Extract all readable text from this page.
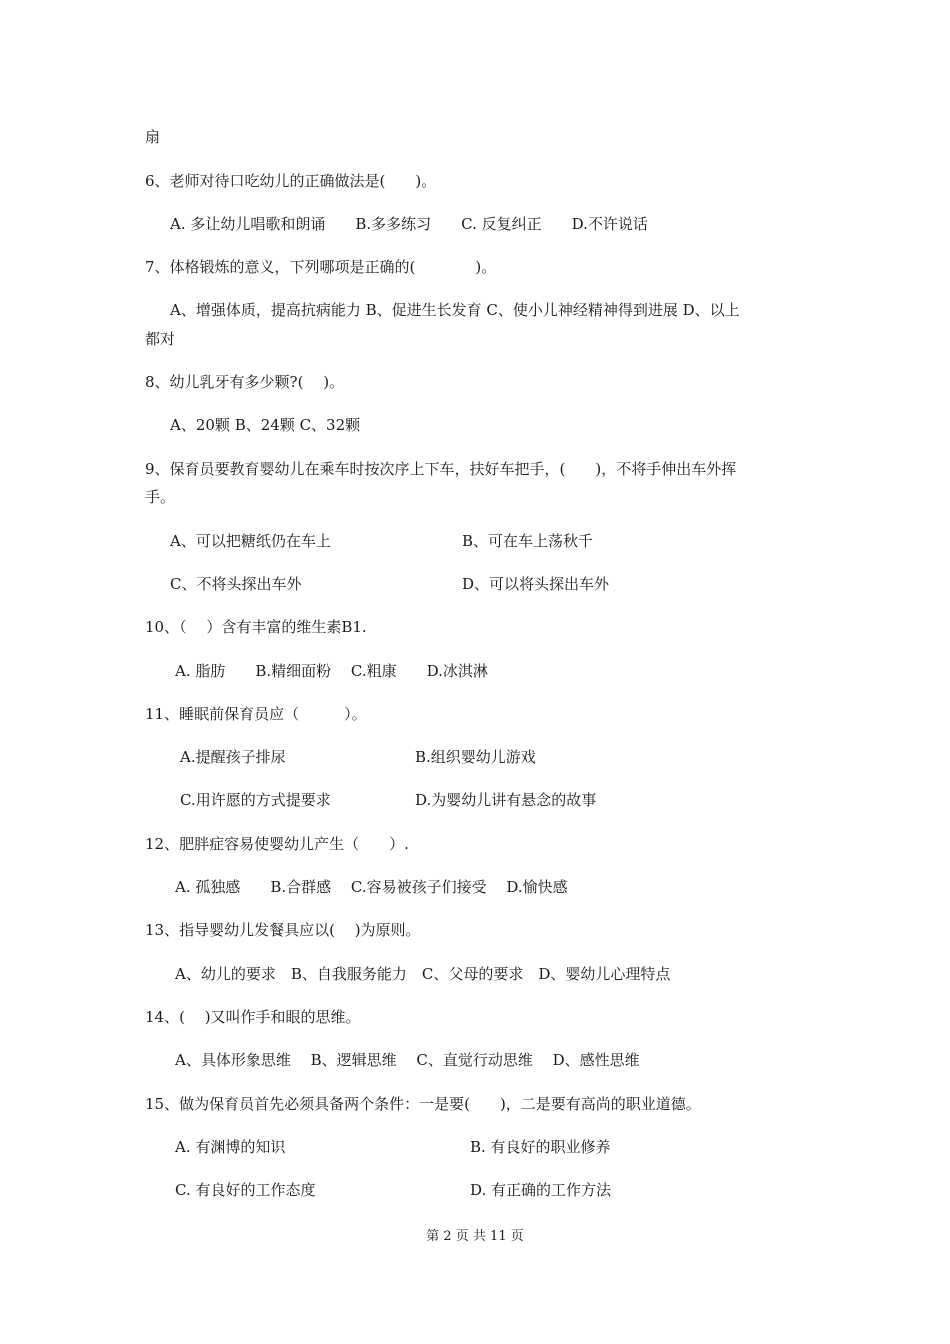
扇
6、老师对待口吃幼儿的正确做法是(　　)。
A. 多让幼儿唱歌和朗诵　　B.多多练习　　C. 反复纠正　　D.不许说话
7、体格锻炼的意义，下列哪项是正确的(　　　　)。
A、增强体质，提高抗病能力 B、促进生长发育 C、使小儿神经精神得到进展 D、以上
都对
8、幼儿乳牙有多少颗?(　 )。
A、20颗 B、24颗 C、32颗
9、保育员要教育婴幼儿在乘车时按次序上下车，扶好车把手，(　　)，不将手伸出车外挥
手。
A、可以把糖纸仍在车上	B、可在车上荡秋千
C、不将头探出车外	D、可以将头探出车外
10、（　 ）含有丰富的维生素B1.
A. 脂肪　　B.精细面粉　 C.粗康　　D.冰淇淋
11、睡眠前保育员应（　　　）。
A.提醒孩子排尿	B.组织婴幼儿游戏
C.用许愿的方式提要求	D.为婴幼儿讲有悬念的故事
12、肥胖症容易使婴幼儿产生（　　）.
A. 孤独感　　B.合群感　 C.容易被孩子们接受　 D.愉快感
13、指导婴幼儿发餐具应以(　 )为原则。
A、幼儿的要求　B、自我服务能力　C、父母的要求　D、婴幼儿心理特点
14、(　 )又叫作手和眼的思维。
A、具体形象思维　 B、逻辑思维　 C、直觉行动思维　 D、感性思维
15、做为保育员首先必须具备两个条件：一是要(　　)，二是要有高尚的职业道德。
A. 有渊博的知识	B. 有良好的职业修养
C. 有良好的工作态度	D. 有正确的工作方法
第 2 页 共 11 页
